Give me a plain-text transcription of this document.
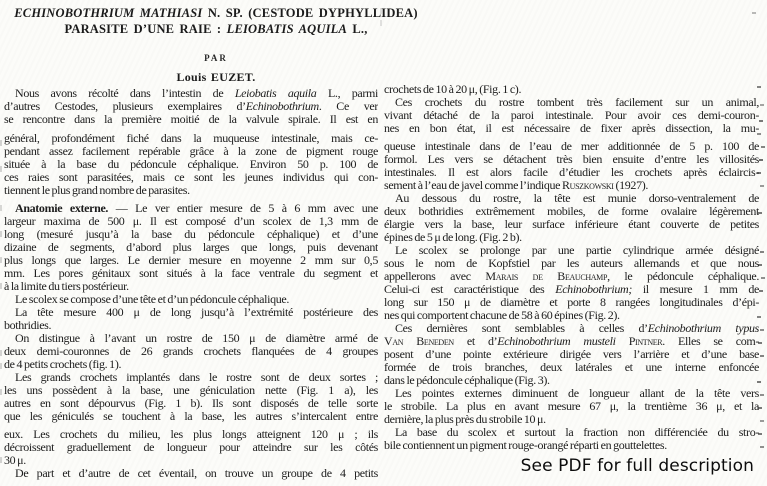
ECHINOBOTHRIUM MATHIASI N. SP. (CESTODE DYPHYLLIDEA)
PARASITE D’UNE RAIE : LEIOBATIS AQUILA L.,
PAR
Louis EUZET.
Nous avons récolté dans l’intestin de Leiobatis aquila L., parmi
d’autres Cestodes, plusieurs exemplaires d’Echinobothrium. Ce ver
se rencontre dans la première moitié de la valvule spirale. Il est en
général, profondément fiché dans la muqueuse intestinale, mais ce-
pendant assez facilement repérable grâce à la zone de pigment rouge
située à la base du pédoncule céphalique. Environ 50 p. 100 de
ces raies sont parasitées, mais ce sont les jeunes individus qui con-
tiennent le plus grand nombre de parasites.
Anatomie externe. — Le ver entier mesure de 5 à 6 mm avec une
largeur maxima de 500 μ. Il est composé d’un scolex de 1,3 mm de
long (mesuré jusqu’à la base du pédoncule céphalique) et d’une
dizaine de segments, d’abord plus larges que longs, puis devenant
plus longs que larges. Le dernier mesure en moyenne 2 mm sur 0,5
mm. Les pores génitaux sont situés à la face ventrale du segment et
à la limite du tiers postérieur.
Le scolex se compose d’une tête et d’un pédoncule céphalique.
La tête mesure 400 μ de long jusqu’à l’extrémité postérieure des
bothridies.
On distingue à l’avant un rostre de 150 μ de diamètre armé de
deux demi-couronnes de 26 grands crochets flanquées de 4 groupes
de 4 petits crochets (fig. 1).
Les grands crochets implantés dans le rostre sont de deux sortes ;
les uns possèdent à la base, une géniculation nette (Fig. 1 a), les
autres en sont dépourvus (Fig. 1 b). Ils sont disposés de telle sorte
que les géniculés se touchent à la base, les autres s’intercalent entre
eux. Les crochets du milieu, les plus longs atteignent 120 μ ; ils
décroissent graduellement de longueur pour atteindre sur les côtés
30 μ.
De part et d’autre de cet éventail, on trouve un groupe de 4 petits
crochets de 10 à 20 μ, (Fig. 1 c).
Ces crochets du rostre tombent très facilement sur un animal,
vivant détaché de la paroi intestinale. Pour avoir ces demi-couron-
nes en bon état, il est nécessaire de fixer après dissection, la mu-
queuse intestinale dans de l’eau de mer additionnée de 5 p. 100 de
formol. Les vers se détachent très bien ensuite d’entre les villosités
intestinales. Il est alors facile d’étudier les crochets après éclaircis-
sement à l’eau de javel comme l’indique Ruszkowski (1927).
Au dessous du rostre, la tête est munie dorso-ventralement de
deux bothridies extrêmement mobiles, de forme ovalaire légèrement
élargie vers la base, leur surface inférieure étant couverte de petites
épines de 5 μ de long. (Fig. 2 b).
Le scolex se prolonge par une partie cylindrique armée désigné
sous le nom de Kopfstiel par les auteurs allemands et que nous
appellerons avec Marais de Beauchamp, le pédoncule céphalique.
Celui-ci est caractéristique des Echinobothrium; il mesure 1 mm de
long sur 150 μ de diamètre et porte 8 rangées longitudinales d’épi-
nes qui comportent chacune de 58 à 60 épines (Fig. 2).
Ces dernières sont semblables à celles d’Echinobothrium typus
Van Beneden et d’Echinobothrium musteli Pintner. Elles se com-
posent d’une pointe extérieure dirigée vers l’arrière et d’une base
formée de trois branches, deux latérales et une interne enfoncée
dans le pédoncule céphalique (Fig. 3).
Les pointes externes diminuent de longueur allant de la tête vers
le strobile. La plus en avant mesure 67 μ, la trentième 36 μ, et la
dernière, la plus près du strobile 10 μ.
La base du scolex et surtout la fraction non différenciée du stro-
bile contiennent un pigment rouge-orangé réparti en gouttelettes.
See PDF for full description
